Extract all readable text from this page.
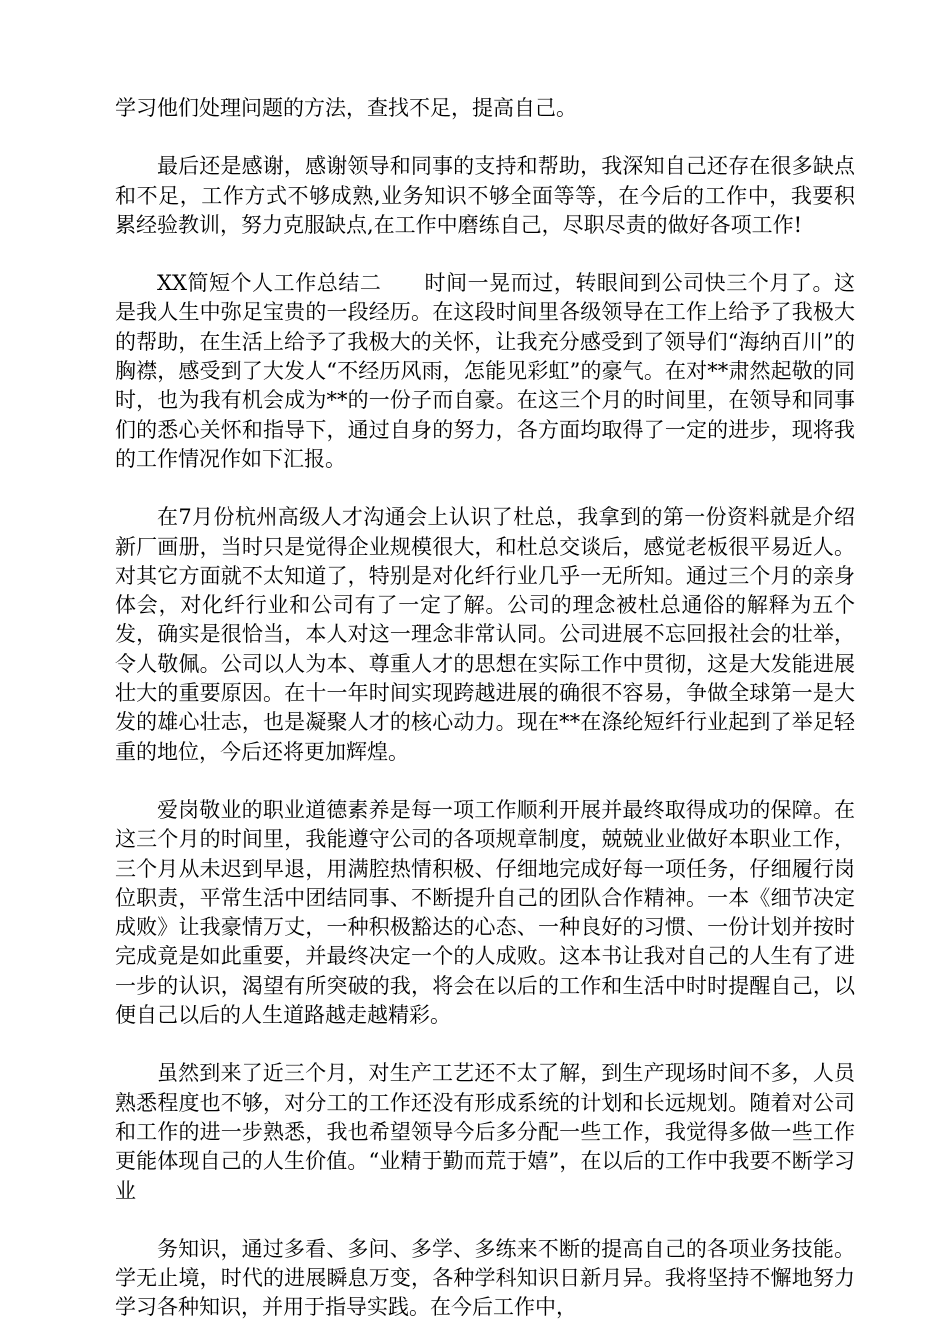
学习他们处理问题的方法，查找不足，提高自己。

最后还是感谢，感谢领导和同事的支持和帮助，我深知自己还存在很多缺点和不足，工作方式不够成熟,业务知识不够全面等等，在今后的工作中，我要积累经验教训，努力克服缺点,在工作中磨练自己，尽职尽责的做好各项工作!

XX简短个人工作总结二　　时间一晃而过，转眼间到公司快三个月了。这是我人生中弥足宝贵的一段经历。在这段时间里各级领导在工作上给予了我极大的帮助，在生活上给予了我极大的关怀，让我充分感受到了领导们“海纳百川”的胸襟，感受到了大发人“不经历风雨，怎能见彩虹”的豪气。在对**肃然起敬的同时，也为我有机会成为**的一份子而自豪。在这三个月的时间里，在领导和同事们的悉心关怀和指导下，通过自身的努力，各方面均取得了一定的进步，现将我的工作情况作如下汇报。

在7月份杭州高级人才沟通会上认识了杜总，我拿到的第一份资料就是介绍新厂画册，当时只是觉得企业规模很大，和杜总交谈后，感觉老板很平易近人。对其它方面就不太知道了，特别是对化纤行业几乎一无所知。通过三个月的亲身体会，对化纤行业和公司有了一定了解。公司的理念被杜总通俗的解释为五个发，确实是很恰当，本人对这一理念非常认同。公司进展不忘回报社会的壮举，令人敬佩。公司以人为本、尊重人才的思想在实际工作中贯彻，这是大发能进展壮大的重要原因。在十一年时间实现跨越进展的确很不容易，争做全球第一是大发的雄心壮志，也是凝聚人才的核心动力。现在**在涤纶短纤行业起到了举足轻重的地位，今后还将更加辉煌。

爱岗敬业的职业道德素养是每一项工作顺利开展并最终取得成功的保障。在这三个月的时间里，我能遵守公司的各项规章制度，兢兢业业做好本职业工作，三个月从未迟到早退，用满腔热情积极、仔细地完成好每一项任务，仔细履行岗位职责，平常生活中团结同事、不断提升自己的团队合作精神。一本《细节决定成败》让我豪情万丈，一种积极豁达的心态、一种良好的习惯、一份计划并按时完成竟是如此重要，并最终决定一个的人成败。这本书让我对自己的人生有了进一步的认识，渴望有所突破的我，将会在以后的工作和生活中时时提醒自己，以便自己以后的人生道路越走越精彩。

虽然到来了近三个月，对生产工艺还不太了解，到生产现场时间不多，人员熟悉程度也不够，对分工的工作还没有形成系统的计划和长远规划。随着对公司和工作的进一步熟悉，我也希望领导今后多分配一些工作，我觉得多做一些工作更能体现自己的人生价值。“业精于勤而荒于嬉”，在以后的工作中我要不断学习业

务知识，通过多看、多问、多学、多练来不断的提高自己的各项业务技能。学无止境，时代的进展瞬息万变，各种学科知识日新月异。我将坚持不懈地努力学习各种知识，并用于指导实践。在今后工作中，
